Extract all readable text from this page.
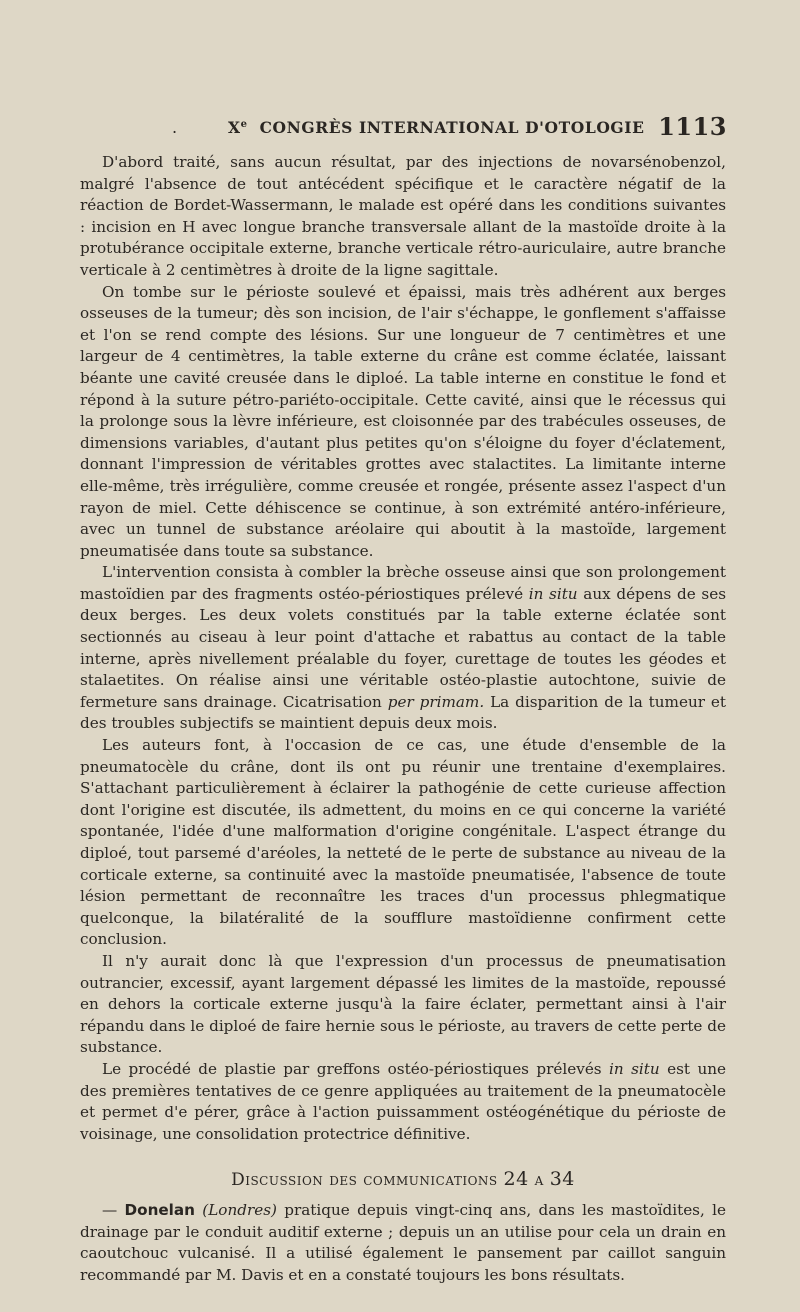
.	Xe CONGRÈS INTERNATIONAL D'OTOLOGIE 1113

D'abord traité, sans aucun résultat, par des injections de novarsénobenzol, malgré l'absence de tout antécédent spécifique et le caractère négatif de la réaction de Bordet-Wassermann, le malade est opéré dans les conditions suivantes : incision en H avec longue branche transversale allant de la mastoïde droite à la protubérance occipitale externe, branche verticale rétro-auriculaire, autre branche verticale à 2 centimètres à droite de la ligne sagittale.

On tombe sur le périoste soulevé et épaissi, mais très adhérent aux berges osseuses de la tumeur; dès son incision, de l'air s'échappe, le gonflement s'affaisse et l'on se rend compte des lésions. Sur une longueur de 7 centimètres et une largeur de 4 centimètres, la table externe du crâne est comme éclatée, laissant béante une cavité creusée dans le diploé. La table interne en constitue le fond et répond à la suture pétro-pariéto-occipitale. Cette cavité, ainsi que le récessus qui la prolonge sous la lèvre inférieure, est cloisonnée par des trabécules osseuses, de dimensions variables, d'autant plus petites qu'on s'éloigne du foyer d'éclatement, donnant l'impression de véritables grottes avec stalactites. La limitante interne elle-même, très irrégulière, comme creusée et rongée, présente assez l'aspect d'un rayon de miel. Cette déhiscence se continue, à son extrémité antéro-inférieure, avec un tunnel de substance aréolaire qui aboutit à la mastoïde, largement pneumatisée dans toute sa substance.

L'intervention consista à combler la brèche osseuse ainsi que son prolongement mastoïdien par des fragments ostéo-périostiques prélevé in situ aux dépens de ses deux berges. Les deux volets constitués par la table externe éclatée sont sectionnés au ciseau à leur point d'attache et rabattus au contact de la table interne, après nivellement préalable du foyer, curettage de toutes les géodes et stalaetites. On réalise ainsi une véritable ostéo-plastie autochtone, suivie de fermeture sans drainage. Cicatrisation per primam. La disparition de la tumeur et des troubles subjectifs se maintient depuis deux mois.

Les auteurs font, à l'occasion de ce cas, une étude d'ensemble de la pneumatocèle du crâne, dont ils ont pu réunir une trentaine d'exemplaires. S'attachant particulièrement à éclairer la pathogénie de cette curieuse affection dont l'origine est discutée, ils admettent, du moins en ce qui concerne la variété spontanée, l'idée d'une malformation d'origine congénitale. L'aspect étrange du diploé, tout parsemé d'aréoles, la netteté de le perte de substance au niveau de la corticale externe, sa continuité avec la mastoïde pneumatisée, l'absence de toute lésion permettant de reconnaître les traces d'un processus phlegmatique quelconque, la bilatéralité de la soufflure mastoïdienne confirment cette conclusion.

Il n'y aurait donc là que l'expression d'un processus de pneumatisation outrancier, excessif, ayant largement dépassé les limites de la mastoïde, repoussé en dehors la corticale externe jusqu'à la faire éclater, permettant ainsi à l'air répandu dans le diploé de faire hernie sous le périoste, au travers de cette perte de substance.

Le procédé de plastie par greffons ostéo-périostiques prélevés in situ est une des premières tentatives de ce genre appliquées au traitement de la pneumatocèle et permet d'e pérer, grâce à l'action puissamment ostéogénétique du périoste de voisinage, une consolidation protectrice définitive.

Discussion des communications 24 a 34

— Donelan (Londres) pratique depuis vingt-cinq ans, dans les mastoïdites, le drainage par le conduit auditif externe ; depuis un an utilise pour cela un drain en caoutchouc vulcanisé. Il a utilisé également le pansement par caillot sanguin recommandé par M. Davis et en a constaté toujours les bons résultats.
